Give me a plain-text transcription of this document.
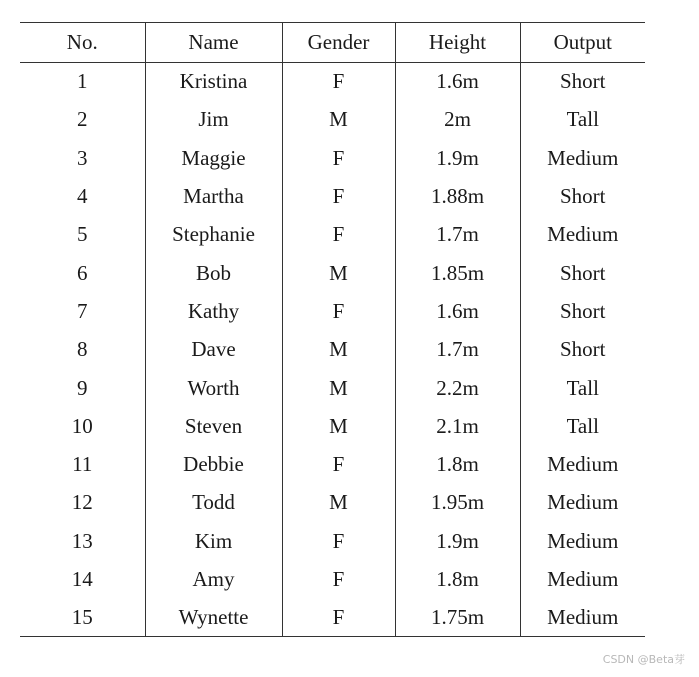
No.	Name	Gender	Height	Output
1	Kristina	F	1.6m	Short
2	Jim	M	2m	Tall
3	Maggie	F	1.9m	Medium
4	Martha	F	1.88m	Short
5	Stephanie	F	1.7m	Medium
6	Bob	M	1.85m	Short
7	Kathy	F	1.6m	Short
8	Dave	M	1.7m	Short
9	Worth	M	2.2m	Tall
10	Steven	M	2.1m	Tall
11	Debbie	F	1.8m	Medium
12	Todd	M	1.95m	Medium
13	Kim	F	1.9m	Medium
14	Amy	F	1.8m	Medium
15	Wynette	F	1.75m	Medium
CSDN @Beta芽
